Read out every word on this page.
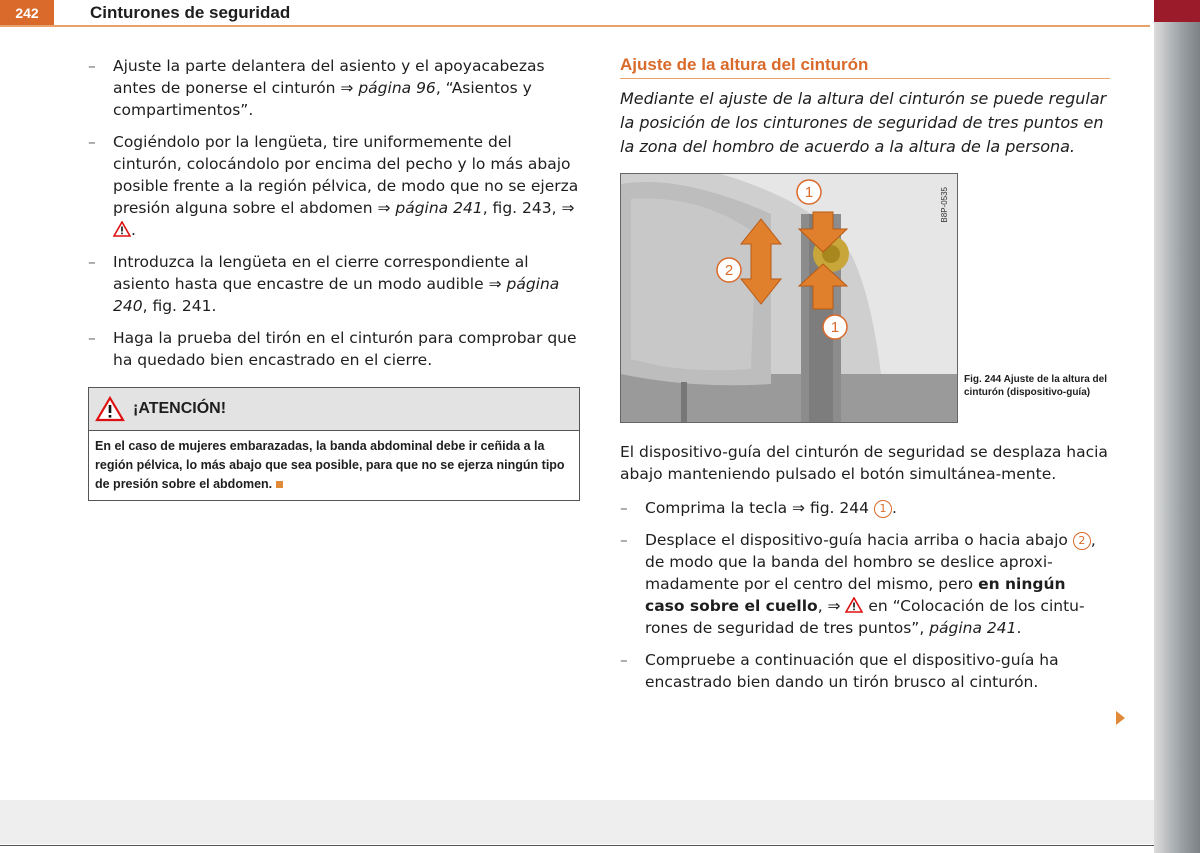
242	Cinturones de seguridad
– Ajuste la parte delantera del asiento y el apoyacabezas antes de ponerse el cinturón ⇒ página 96, “Asientos y compartimentos”.
– Cogiéndolo por la lengüeta, tire uniformemente del cinturón, colocándolo por encima del pecho y lo más abajo posible frente a la región pélvica, de modo que no se ejerza presión alguna sobre el abdomen ⇒ página 241, fig. 243, ⇒ .
– Introduzca la lengüeta en el cierre correspondiente al asiento hasta que encastre de un modo audible ⇒ página 240, fig. 241.
– Haga la prueba del tirón en el cinturón para comprobar que ha quedado bien encastrado en el cierre.
¡ATENCIÓN!
En el caso de mujeres embarazadas, la banda abdominal debe ir ceñida a la región pélvica, lo más abajo que sea posible, para que no se ejerza ningún tipo de presión sobre el abdomen.
Ajuste de la altura del cinturón
Mediante el ajuste de la altura del cinturón se puede regular la posición de los cinturones de seguridad de tres puntos en la zona del hombro de acuerdo a la altura de la persona.
1
2
1
B8P-0535
Fig. 244 Ajuste de la altura del cinturón (dispositivo-guía)
El dispositivo-guía del cinturón de seguridad se desplaza hacia abajo manteniendo pulsado el botón simultánea-mente.
– Comprima la tecla ⇒ fig. 244 1 .
– Desplace el dispositivo-guía hacia arriba o hacia abajo 2 , de modo que la banda del hombro se deslice aproxi-madamente por el centro del mismo, pero en ningún caso sobre el cuello, ⇒  en “Colocación de los cintu-rones de seguridad de tres puntos”, página 241.
– Compruebe a continuación que el dispositivo-guía ha encastrado bien dando un tirón brusco al cinturón.
